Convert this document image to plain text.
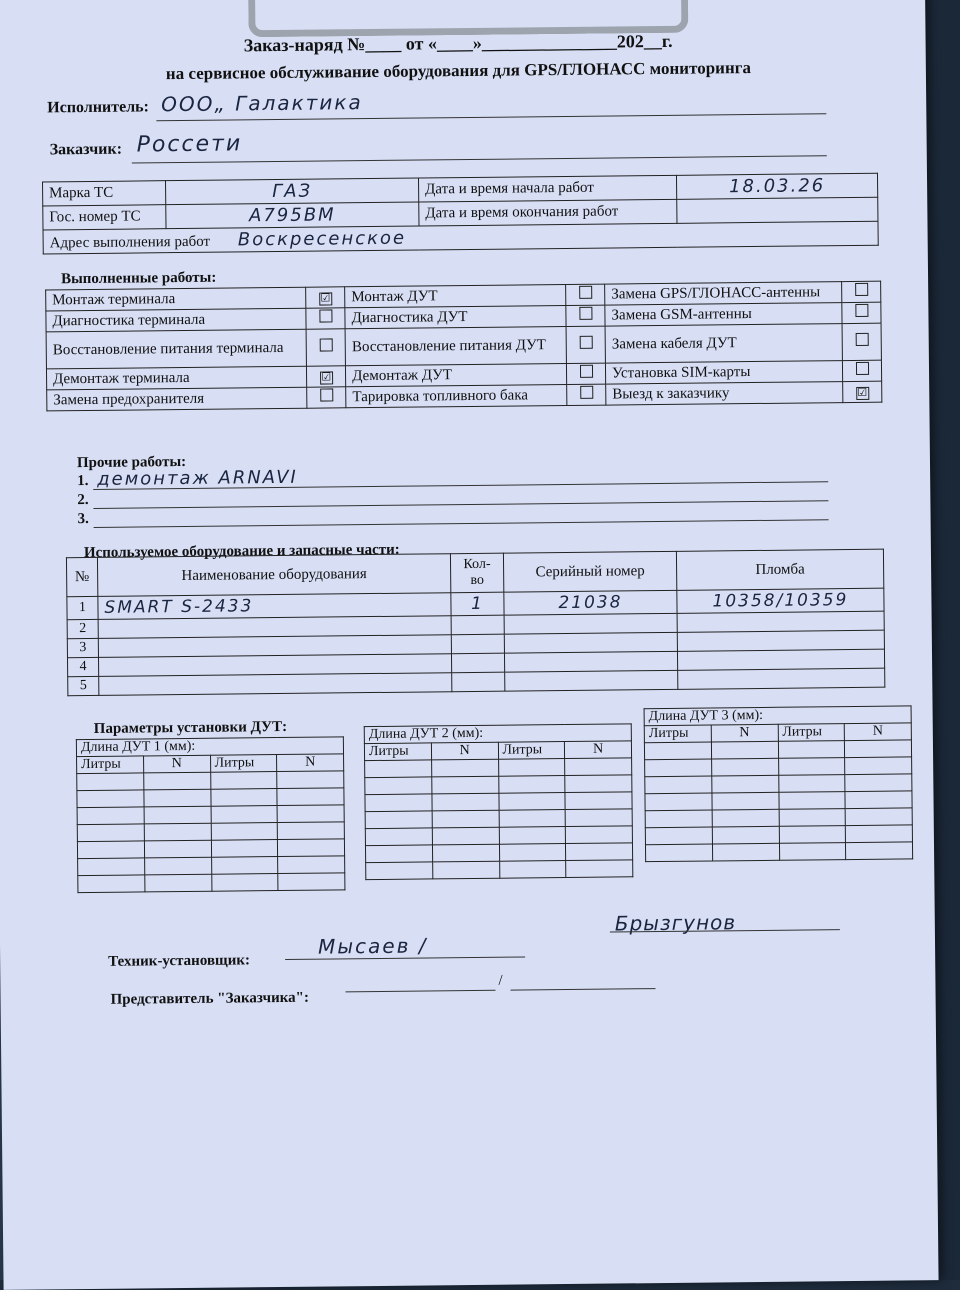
Заказ-наряд №____ от «____»_______________202__г.
на сервисное обслуживание оборудования для GPS/ГЛОНАСС мониторинга
Исполнитель: ООО„ Галактика
Заказчик: Россети
Марка ТС	ГАЗ	Дата и время начала работ	18.03.26
Гос. номер ТС	А795ВМ	Дата и время окончания работ	
Адрес выполнения работ Воскресенское			
Выполненные работы:
Монтаж терминала	☑	Монтаж ДУТ		Замена GPS/ГЛОНАСС-антенны	
Диагностика терминала		Диагностика ДУТ		Замена GSM-антенны	
Восстановление питания терминала		Восстановление питания ДУТ		Замена кабеля ДУТ	
Демонтаж терминала	☑	Демонтаж ДУТ		Установка SIM-карты	
Замена предохранителя		Тарировка топливного бака		Выезд к заказчику	☑
Прочие работы:
1. демонтаж ARNAVI
2.
3.
Используемое оборудование и запасные части:
№	Наименование оборудования	Кол-во	Серийный номер	Пломба
1	SMART S-2433	1	21038	10358/10359
2				
3				
4				
5				
Параметры установки ДУТ:
Длина ДУТ 1 (мм):			
Литры	N	Литры	N

Длина ДУТ 2 (мм):			
Литры	N	Литры	N

Длина ДУТ 3 (мм):			
Литры	N	Литры	N

Техник-установщик:
Мысаев /
Брызгунов
Представитель "Заказчика":
/
